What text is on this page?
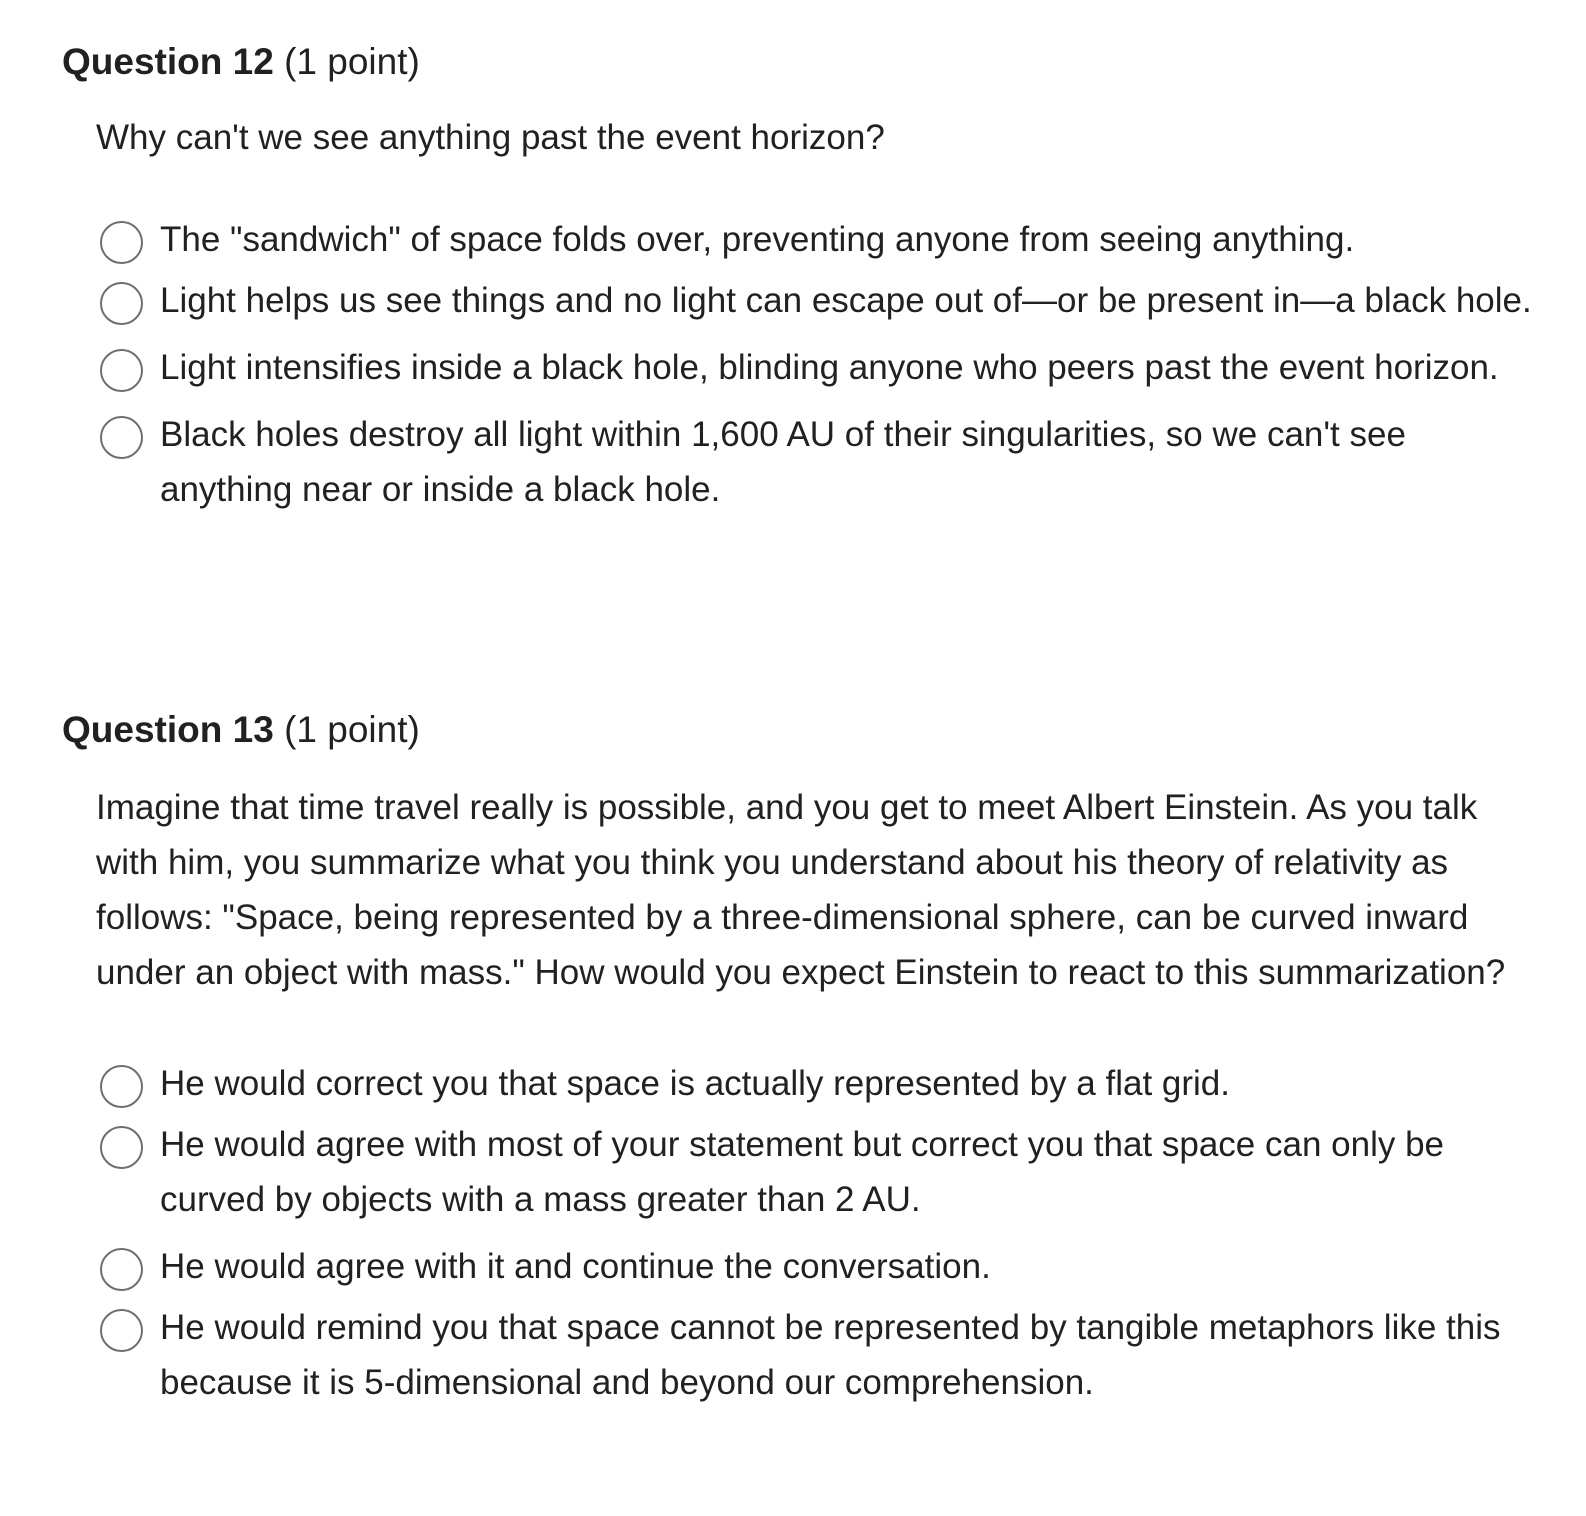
Question 12 (1 point)

Why can't we see anything past the event horizon?

The "sandwich" of space folds over, preventing anyone from seeing anything.
Light helps us see things and no light can escape out of—or be present in—a black hole.
Light intensifies inside a black hole, blinding anyone who peers past the event horizon.
Black holes destroy all light within 1,600 AU of their singularities, so we can't see anything near or inside a black hole.
Question 13 (1 point)

Imagine that time travel really is possible, and you get to meet Albert Einstein. As you talk with him, you summarize what you think you understand about his theory of relativity as follows: "Space, being represented by a three-dimensional sphere, can be curved inward under an object with mass." How would you expect Einstein to react to this summarization?

He would correct you that space is actually represented by a flat grid.
He would agree with most of your statement but correct you that space can only be curved by objects with a mass greater than 2 AU.
He would agree with it and continue the conversation.
He would remind you that space cannot be represented by tangible metaphors like this because it is 5-dimensional and beyond our comprehension.
